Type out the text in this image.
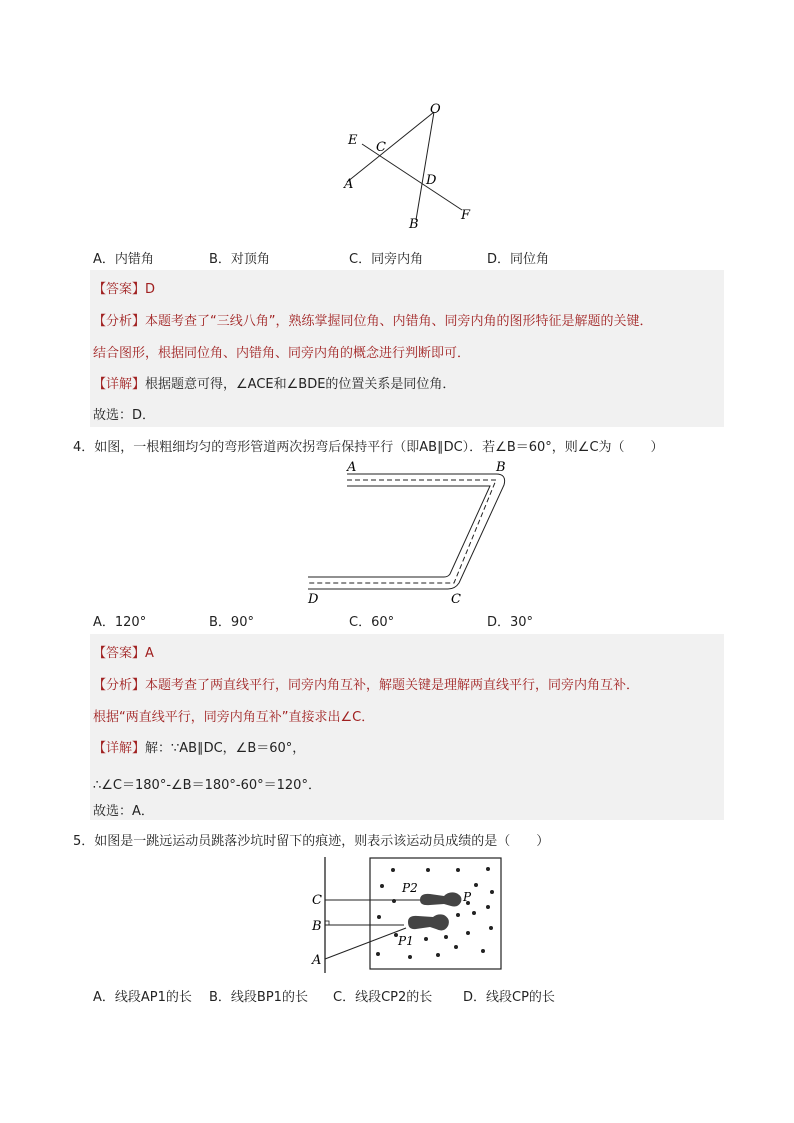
O
E C
D
A
B
F
A．内错角	B．对顶角	C．同旁内角	D．同位角
【答案】D
【分析】本题考查了“三线八角”，熟练掌握同位角、内错角、同旁内角的图形特征是解题的关键．
结合图形，根据同位角、内错角、同旁内角的概念进行判断即可．
【详解】根据题意可得，∠ACE和∠BDE的位置关系是同位角．
故选：D．
4．如图，一根粗细均匀的弯形管道两次拐弯后保持平行（即AB∥DC）．若∠B＝60°，则∠C为（　　）
A	B
D	C
A．120°	B．90°	C．60°	D．30°
【答案】A
【分析】本题考查了两直线平行，同旁内角互补，解题关键是理解两直线平行，同旁内角互补．
根据“两直线平行，同旁内角互补”直接求出∠C．
【详解】解：∵AB∥DC，∠B＝60°，
∴∠C＝180°-∠B＝180°-60°＝120°．
故选：A．
5．如图是一跳远运动员跳落沙坑时留下的痕迹，则表示该运动员成绩的是（　　）
C
B
A
P2
P
P1
A．线段AP1的长 B．线段BP1的长 C．线段CP2的长 D．线段CP的长
